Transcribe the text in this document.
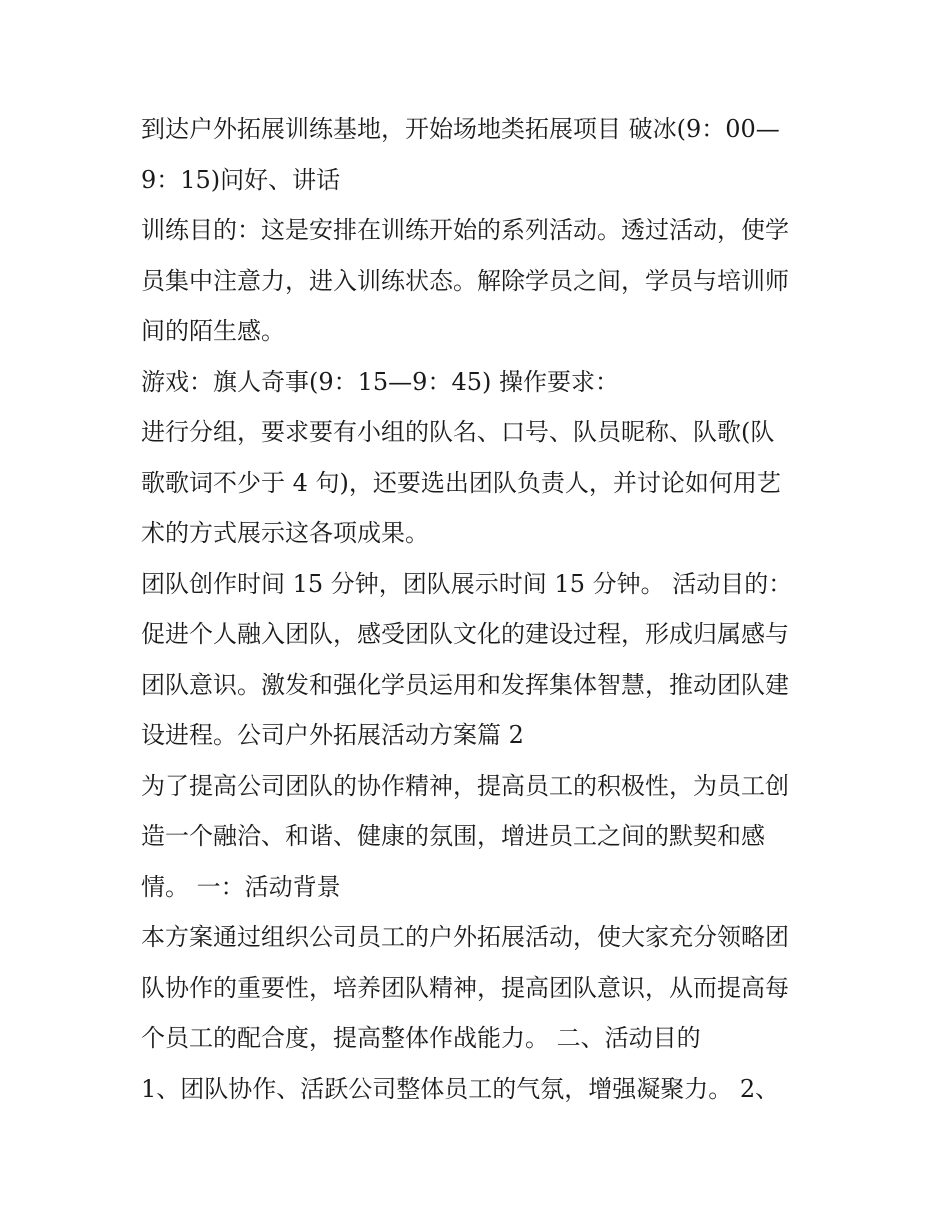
到达户外拓展训练基地，开始场地类拓展项目 破冰(9：00—
9：15)问好、讲话
训练目的：这是安排在训练开始的系列活动。透过活动，使学
员集中注意力，进入训练状态。解除学员之间，学员与培训师
间的陌生感。
游戏：旗人奇事(9：15—9：45) 操作要求：
进行分组，要求要有小组的队名、口号、队员昵称、队歌(队
歌歌词不少于 4 句)，还要选出团队负责人，并讨论如何用艺
术的方式展示这各项成果。
团队创作时间 15 分钟，团队展示时间 15 分钟。 活动目的：
促进个人融入团队，感受团队文化的建设过程，形成归属感与
团队意识。激发和强化学员运用和发挥集体智慧，推动团队建
设进程。公司户外拓展活动方案篇 2
为了提高公司团队的协作精神，提高员工的积极性，为员工创
造一个融洽、和谐、健康的氛围，增进员工之间的默契和感
情。 一：活动背景
本方案通过组织公司员工的户外拓展活动，使大家充分领略团
队协作的重要性，培养团队精神，提高团队意识，从而提高每
个员工的配合度，提高整体作战能力。 二、活动目的
1、团队协作、活跃公司整体员工的气氛，增强凝聚力。 2、
